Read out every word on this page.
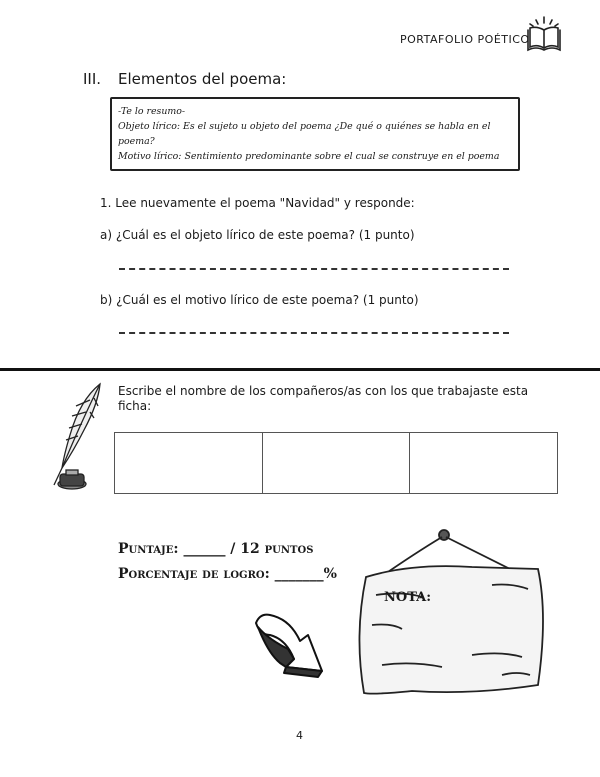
PORTAFOLIO POÉTICO
III. Elementos del poema:
-Te lo resumo-
Objeto lírico: Es el sujeto u objeto del poema ¿De qué o quiénes se habla en el
poema?
Motivo lírico: Sentimiento predominante sobre el cual se construye en el poema
1. Lee nuevamente el poema "Navidad" y responde:
a) ¿Cuál es el objeto lírico de este poema? (1 punto)
b) ¿Cuál es el motivo lírico de este poema? (1 punto)
Escribe el nombre de los compañeros/as con los que trabajaste esta ficha:

Puntaje: ______ / 12 puntos
Porcentaje de logro: _______%
NOTA:
4
